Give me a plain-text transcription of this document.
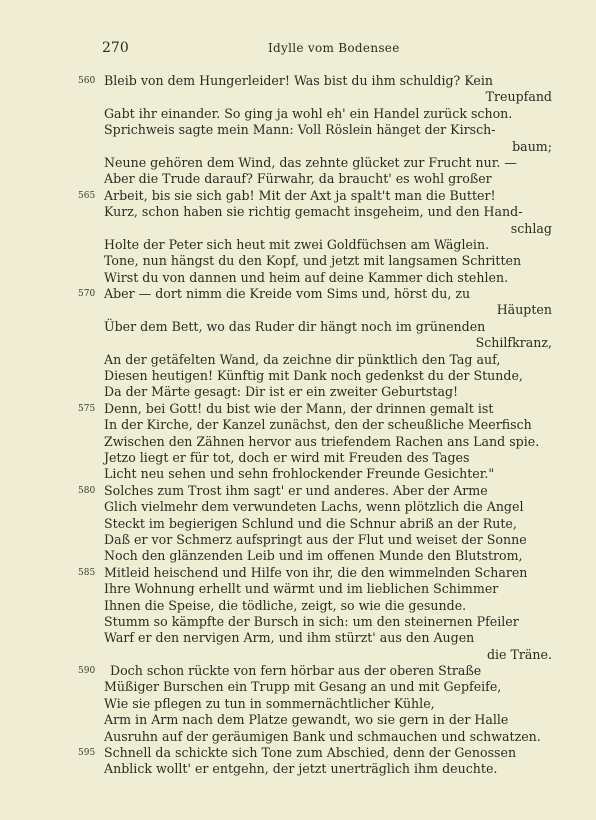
270	Idylle vom Bodensee
560 Bleib von dem Hungerleider! Was bist du ihm schuldig? Kein
Treupfand
Gabt ihr einander. So ging ja wohl eh' ein Handel zurück schon.
Sprichweis sagte mein Mann: Voll Röslein hänget der Kirsch-
baum;
Neune gehören dem Wind, das zehnte glücket zur Frucht nur. —
Aber die Trude darauf? Fürwahr, da braucht' es wohl großer
565 Arbeit, bis sie sich gab! Mit der Axt ja spalt't man die Butter!
Kurz, schon haben sie richtig gemacht insgeheim, und den Hand-
schlag
Holte der Peter sich heut mit zwei Goldfüchsen am Wäglein.
Tone, nun hängst du den Kopf, und jetzt mit langsamen Schritten
Wirst du von dannen und heim auf deine Kammer dich stehlen.
570 Aber — dort nimm die Kreide vom Sims und, hörst du, zu
Häupten
Über dem Bett, wo das Ruder dir hängt noch im grünenden
Schilfkranz,
An der getäfelten Wand, da zeichne dir pünktlich den Tag auf,
Diesen heutigen! Künftig mit Dank noch gedenkst du der Stunde,
Da der Märte gesagt: Dir ist er ein zweiter Geburtstag!
575 Denn, bei Gott! du bist wie der Mann, der drinnen gemalt ist
In der Kirche, der Kanzel zunächst, den der scheußliche Meerfisch
Zwischen den Zähnen hervor aus triefendem Rachen ans Land spie.
Jetzo liegt er für tot, doch er wird mit Freuden des Tages
Licht neu sehen und sehn frohlockender Freunde Gesichter."
580 Solches zum Trost ihm sagt' er und anderes. Aber der Arme
Glich vielmehr dem verwundeten Lachs, wenn plötzlich die Angel
Steckt im begierigen Schlund und die Schnur abriß an der Rute,
Daß er vor Schmerz aufspringt aus der Flut und weiset der Sonne
Noch den glänzenden Leib und im offenen Munde den Blutstrom,
585 Mitleid heischend und Hilfe von ihr, die den wimmelnden Scharen
Ihre Wohnung erhellt und wärmt und im lieblichen Schimmer
Ihnen die Speise, die tödliche, zeigt, so wie die gesunde.
Stumm so kämpfte der Bursch in sich: um den steinernen Pfeiler
Warf er den nervigen Arm, und ihm stürzt' aus den Augen
die Träne.
590 Doch schon rückte von fern hörbar aus der oberen Straße
Müßiger Burschen ein Trupp mit Gesang an und mit Gepfeife,
Wie sie pflegen zu tun in sommernächtlicher Kühle,
Arm in Arm nach dem Platze gewandt, wo sie gern in der Halle
Ausruhn auf der geräumigen Bank und schmauchen und schwatzen.
595 Schnell da schickte sich Tone zum Abschied, denn der Genossen
Anblick wollt' er entgehn, der jetzt unerträglich ihm deuchte.
